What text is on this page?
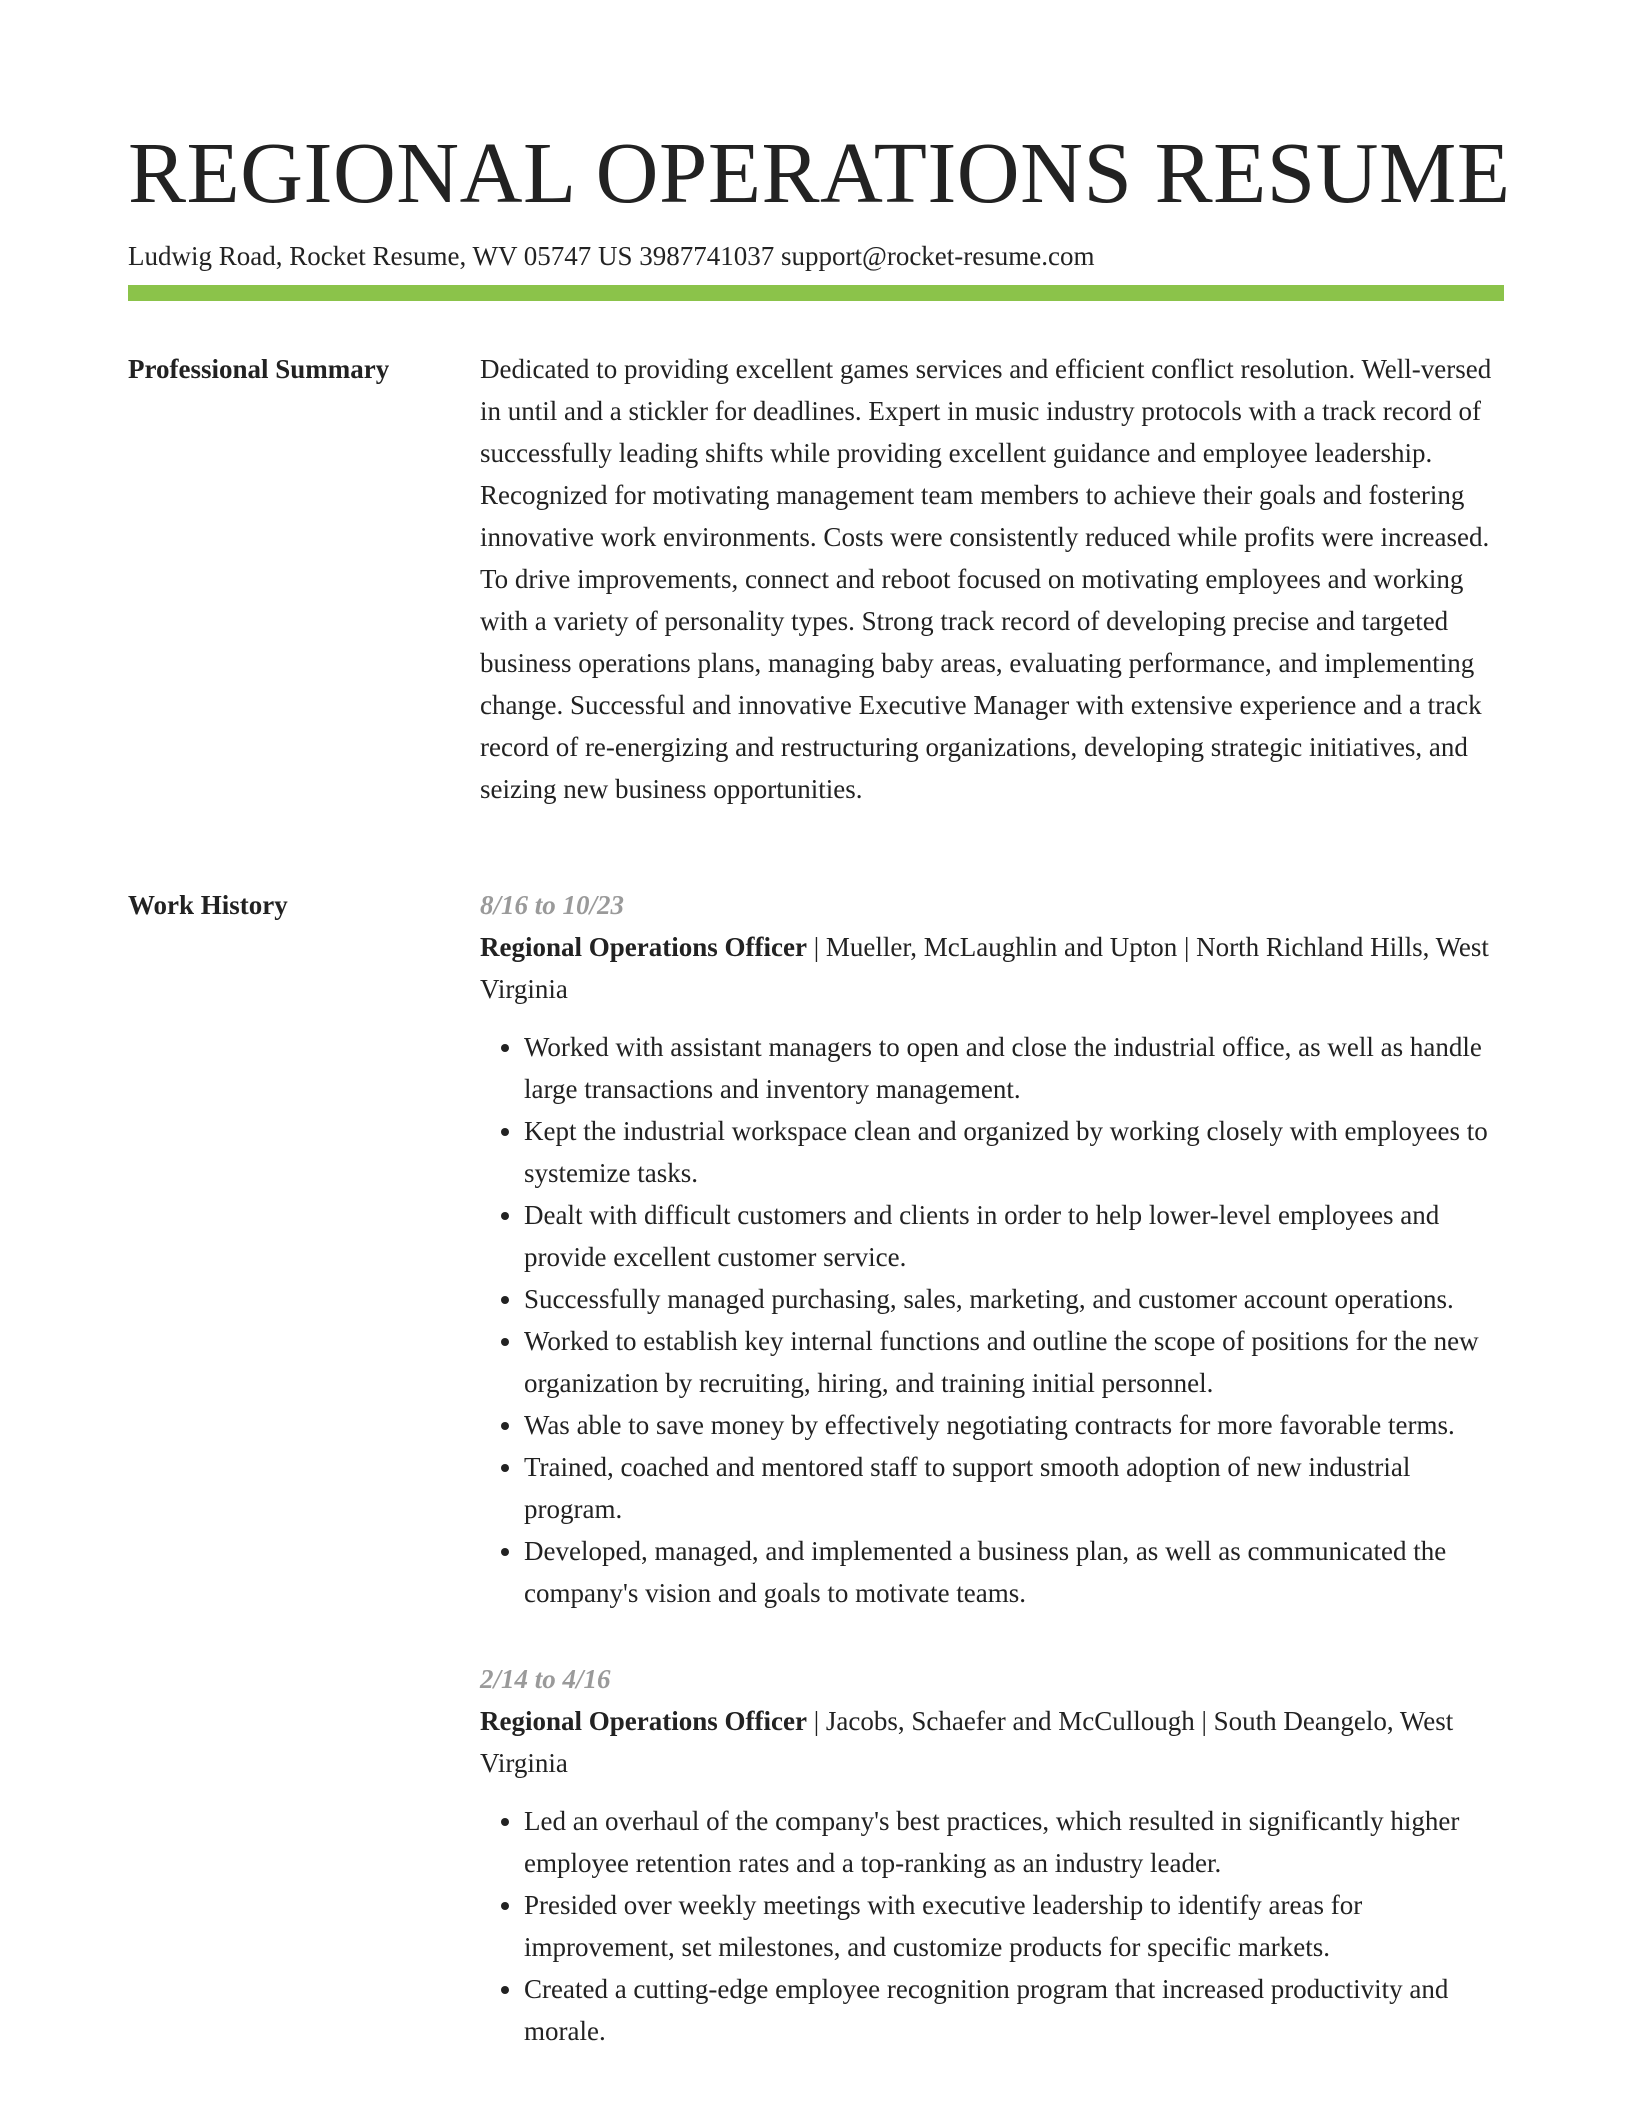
REGIONAL OPERATIONS RESUME
Ludwig Road, Rocket Resume, WV 05747 US 3987741037 support@rocket-resume.com
Professional Summary	Dedicated to providing excellent games services and efficient conflict resolution. Well-versed in until and a stickler for deadlines. Expert in music industry protocols with a track record of successfully leading shifts while providing excellent guidance and employee leadership. Recognized for motivating management team members to achieve their goals and fostering innovative work environments. Costs were consistently reduced while profits were increased. To drive improvements, connect and reboot focused on motivating employees and working with a variety of personality types. Strong track record of developing precise and targeted business operations plans, managing baby areas, evaluating performance, and implementing change. Successful and innovative Executive Manager with extensive experience and a track record of re-energizing and restructuring organizations, developing strategic initiatives, and seizing new business opportunities.

Work History	8/16 to 10/23
Regional Operations Officer | Mueller, McLaughlin and Upton | North Richland Hills, West Virginia
• Worked with assistant managers to open and close the industrial office, as well as handle large transactions and inventory management.
• Kept the industrial workspace clean and organized by working closely with employees to systemize tasks.
• Dealt with difficult customers and clients in order to help lower-level employees and provide excellent customer service.
• Successfully managed purchasing, sales, marketing, and customer account operations.
• Worked to establish key internal functions and outline the scope of positions for the new organization by recruiting, hiring, and training initial personnel.
• Was able to save money by effectively negotiating contracts for more favorable terms.
• Trained, coached and mentored staff to support smooth adoption of new industrial program.
• Developed, managed, and implemented a business plan, as well as communicated the company's vision and goals to motivate teams.
2/14 to 4/16
Regional Operations Officer | Jacobs, Schaefer and McCullough | South Deangelo, West Virginia
• Led an overhaul of the company's best practices, which resulted in significantly higher employee retention rates and a top-ranking as an industry leader.
• Presided over weekly meetings with executive leadership to identify areas for improvement, set milestones, and customize products for specific markets.
• Created a cutting-edge employee recognition program that increased productivity and morale.
